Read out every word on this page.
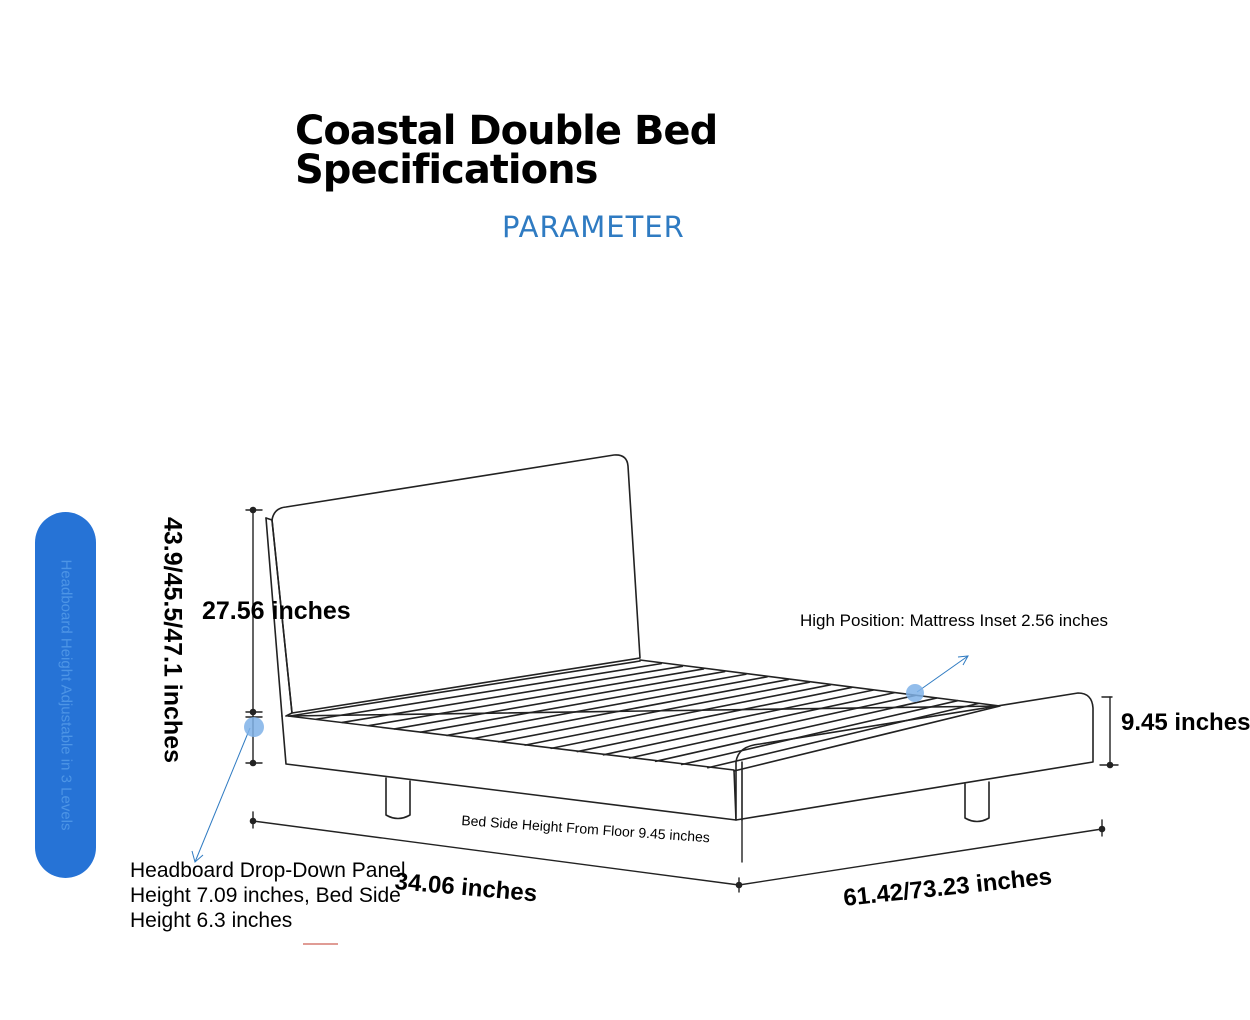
Coastal Double Bed Specifications
PARAMETER
Headboard Height Adjustable in 3 Levels	43.9/45.5/47.1 inches 27.56 inches
9.45 inches
34.06 inches	61.42/73.23 inches
High Position: Mattress Inset 2.56 inches
Bed Side Height From Floor 9.45 inches
Headboard Drop-Down Panel Height 7.09 inches, Bed Side Height 6.3 inches
